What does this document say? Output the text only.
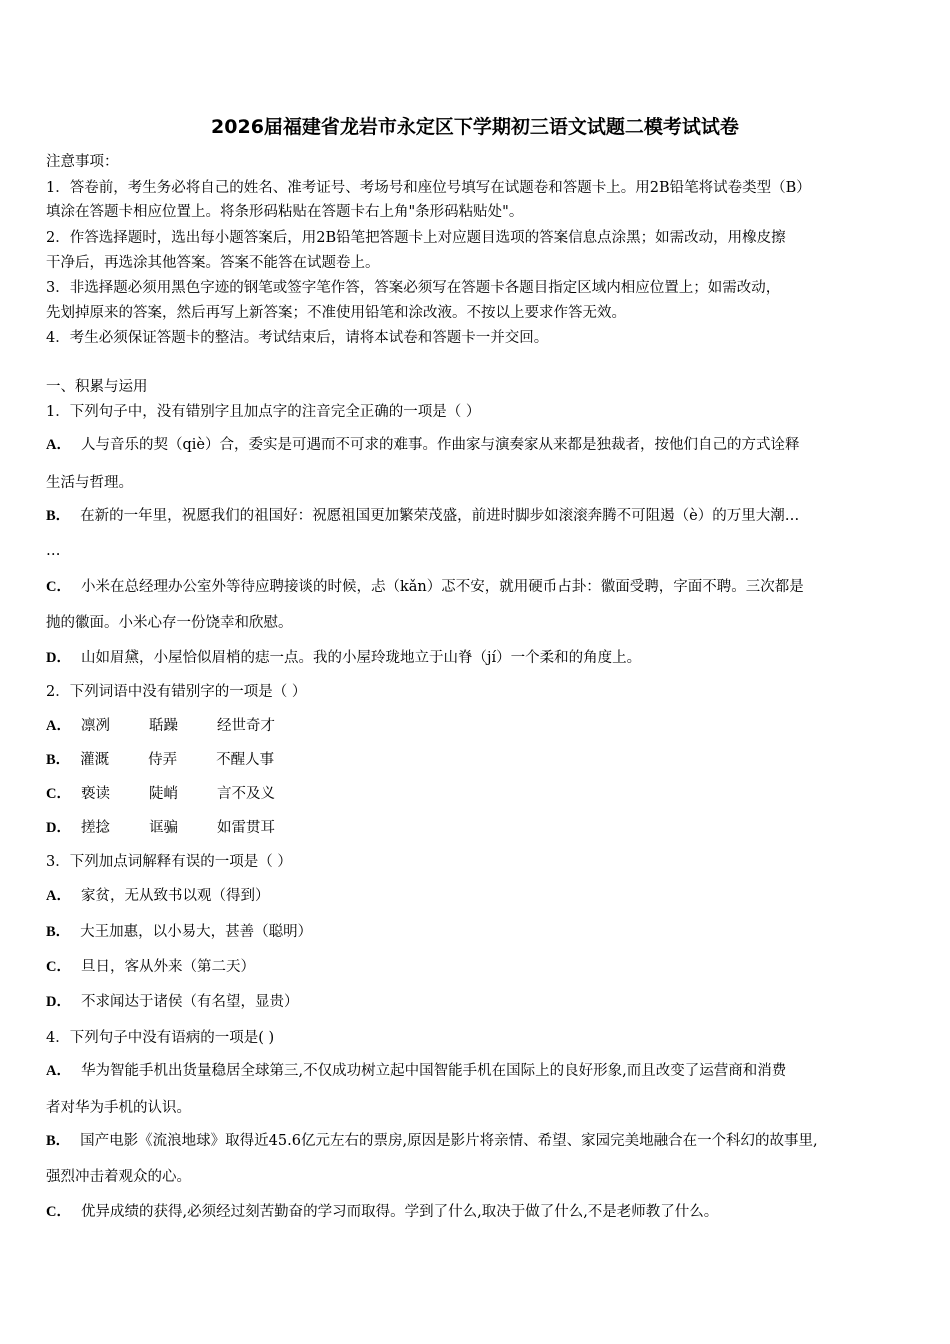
2026届福建省龙岩市永定区下学期初三语文试题二模考试试卷
注意事项：
1．答卷前，考生务必将自己的姓名、准考证号、考场号和座位号填写在试题卷和答题卡上。用2B铅笔将试卷类型（B）
填涂在答题卡相应位置上。将条形码粘贴在答题卡右上角"条形码粘贴处"。
2．作答选择题时，选出每小题答案后，用2B铅笔把答题卡上对应题目选项的答案信息点涂黑；如需改动，用橡皮擦
干净后，再选涂其他答案。答案不能答在试题卷上。
3．非选择题必须用黑色字迹的钢笔或签字笔作答，答案必须写在答题卡各题目指定区域内相应位置上；如需改动，
先划掉原来的答案，然后再写上新答案；不准使用铅笔和涂改液。不按以上要求作答无效。
4．考生必须保证答题卡的整洁。考试结束后，请将本试卷和答题卡一并交回。
一、积累与运用
1．下列句子中，没有错别字且加点字的注音完全正确的一项是（ ）
A． 人与音乐的契（qiè）合，委实是可遇而不可求的难事。作曲家与演奏家从来都是独裁者，按他们自己的方式诠释
生活与哲理。
B． 在新的一年里，祝愿我们的祖国好：祝愿祖国更加繁荣茂盛，前进时脚步如滚滚奔腾不可阻遏（è）的万里大潮…
…
C． 小米在总经理办公室外等待应聘接谈的时候，忐（kǎn）忑不安，就用硬币占卦：徽面受聘，字面不聘。三次都是
抛的徽面。小米心存一份饶幸和欣慰。
D． 山如眉黛，小屋恰似眉梢的痣一点。我的小屋玲珑地立于山脊（jí）一个柔和的角度上。
2．下列词语中没有错别字的一项是（ ）
A． 凛冽	聒躁	经世奇才
B． 灌溉	侍弄	不醒人事
C． 亵读	陡峭	言不及义
D． 搓捻	诓骗	如雷贯耳
3．下列加点词解释有误的一项是（ ）
A． 家贫，无从致书以观（得到）
B． 大王加惠，以小易大，甚善（聪明）
C． 旦日，客从外来（第二天）
D． 不求闻达于诸侯（有名望，显贵）
4．下列句子中没有语病的一项是( )
A． 华为智能手机出货量稳居全球第三,不仅成功树立起中国智能手机在国际上的良好形象,而且改变了运营商和消费
者对华为手机的认识。
B． 国产电影《流浪地球》取得近45.6亿元左右的票房,原因是影片将亲情、希望、家园完美地融合在一个科幻的故事里,
强烈冲击着观众的心。
C． 优异成绩的获得,必须经过刻苦勤奋的学习而取得。学到了什么,取决于做了什么,不是老师教了什么。
